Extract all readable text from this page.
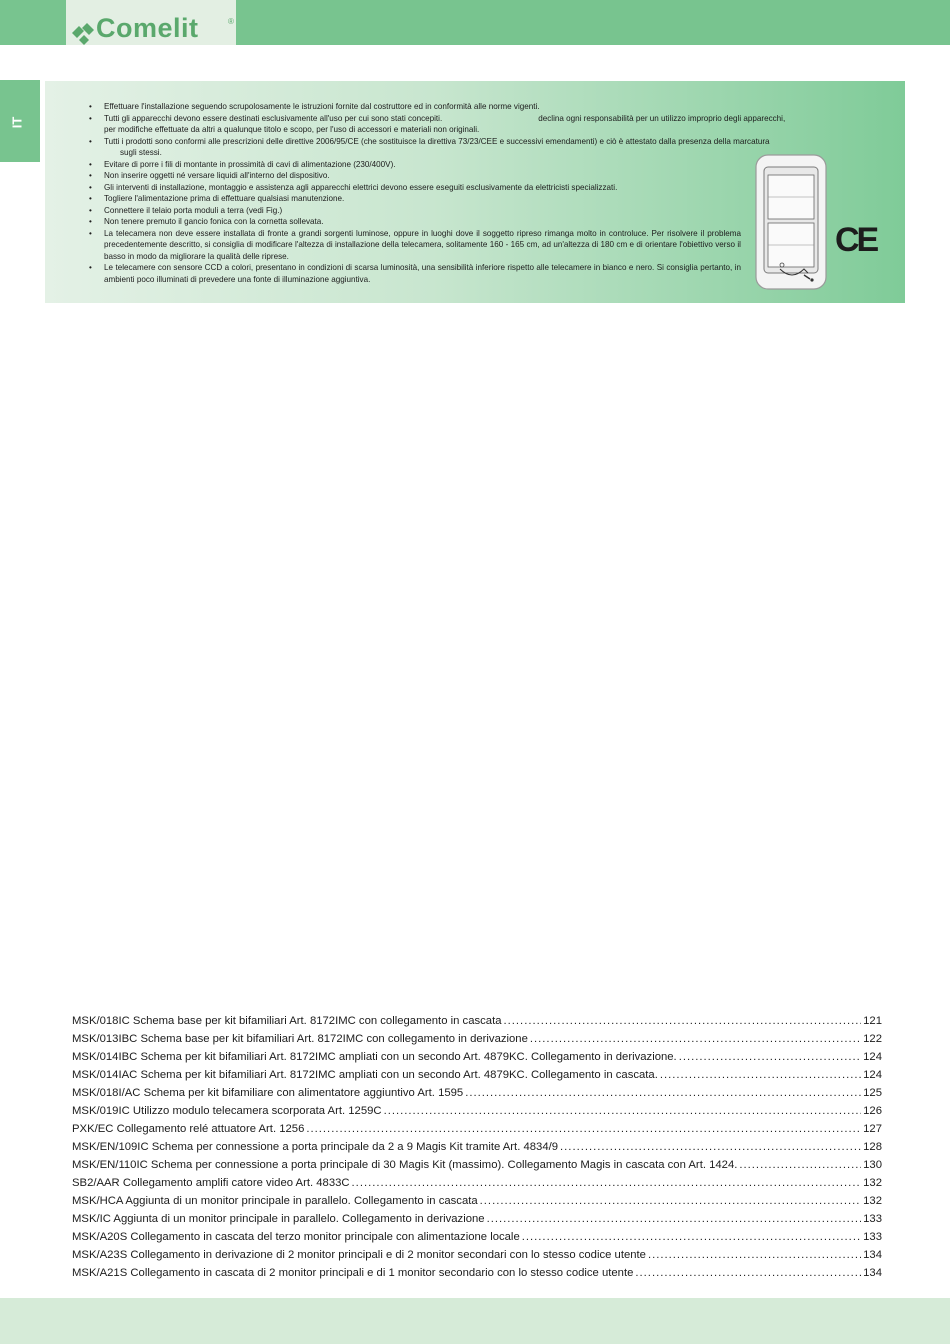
Comelit	®
IT
• Effettuare l'installazione seguendo scrupolosamente le istruzioni fornite dal costruttore ed in conformità alle norme vigenti.
• Tutti gli apparecchi devono essere destinati esclusivamente all'uso per cui sono stati concepiti.	declina ogni responsabilità per un utilizzo improprio degli apparecchi,
per modifiche effettuate da altri a qualunque titolo e scopo, per l'uso di accessori e materiali non originali.
• Tutti i prodotti sono conformi alle prescrizioni delle direttive 2006/95/CE (che sostituisce la direttiva 73/23/CEE e successivi emendamenti) e ciò è attestato dalla presenza della marcatura
sugli stessi.
• Evitare di porre i fili di montante in prossimità di cavi di alimentazione (230/400V).
• Non inserire oggetti né versare liquidi all'interno del dispositivo.
• Gli interventi di installazione, montaggio e assistenza agli apparecchi elettrici devono essere eseguiti esclusivamente da elettricisti specializzati.
• Togliere l'alimentazione prima di effettuare qualsiasi manutenzione.
• Connettere il telaio porta moduli a terra (vedi Fig.)
• Non tenere premuto il gancio fonica con la cornetta sollevata.
• La telecamera non deve essere installata di fronte a grandi sorgenti luminose, oppure in luoghi dove il soggetto ripreso rimanga molto in controluce. Per risolvere il problema precedentemente descritto, si consiglia di modificare l'altezza di installazione della telecamera, solitamente 160 - 165 cm, ad un'altezza di 180 cm e di orientare l'obiettivo verso il basso in modo da migliorare la qualità delle riprese.
• Le telecamere con sensore CCD a colori, presentano in condizioni di scarsa luminosità, una sensibilità inferiore rispetto alle telecamere in bianco e nero. Si consiglia pertanto, in ambienti poco illuminati di prevedere una fonte di illuminazione aggiuntiva.
CE
MSK/018IC Schema base per kit bifamiliari Art. 8172IMC con collegamento in cascata .....	121
MSK/013IBC Schema base per kit bifamiliari Art. 8172IMC con collegamento in derivazione .....	122
MSK/014IBC Schema per kit bifamiliari Art. 8172IMC ampliati con un secondo Art. 4879KC. Collegamento in derivazione. .....	124
MSK/014IAC Schema per kit bifamiliari Art. 8172IMC ampliati con un secondo Art. 4879KC. Collegamento in cascata. .....	124
MSK/018I/AC Schema per kit bifamiliare con alimentatore aggiuntivo Art. 1595 .....	125
MSK/019IC Utilizzo modulo telecamera scorporata Art. 1259C .....	126
PXK/EC Collegamento relé attuatore Art. 1256 .....	127
MSK/EN/109IC Schema per connessione a porta principale da 2 a 9 Magis Kit tramite Art. 4834/9 .....	128
MSK/EN/110IC Schema per connessione a porta principale di 30 Magis Kit (massimo). Collegamento Magis in cascata con Art. 1424. .....	130
SB2/AAR Collegamento amplifi catore video Art. 4833C .....	132
MSK/HCA Aggiunta di un monitor principale in parallelo. Collegamento in cascata .....	132
MSK/IC Aggiunta di un monitor principale in parallelo. Collegamento in derivazione .....	133
MSK/A20S Collegamento in cascata del terzo monitor principale con alimentazione locale .....	133
MSK/A23S Collegamento in derivazione di 2 monitor principali e di 2 monitor secondari con lo stesso codice utente .....	134
MSK/A21S Collegamento in cascata di 2 monitor principali e di 1 monitor secondario con lo stesso codice utente .....	134
